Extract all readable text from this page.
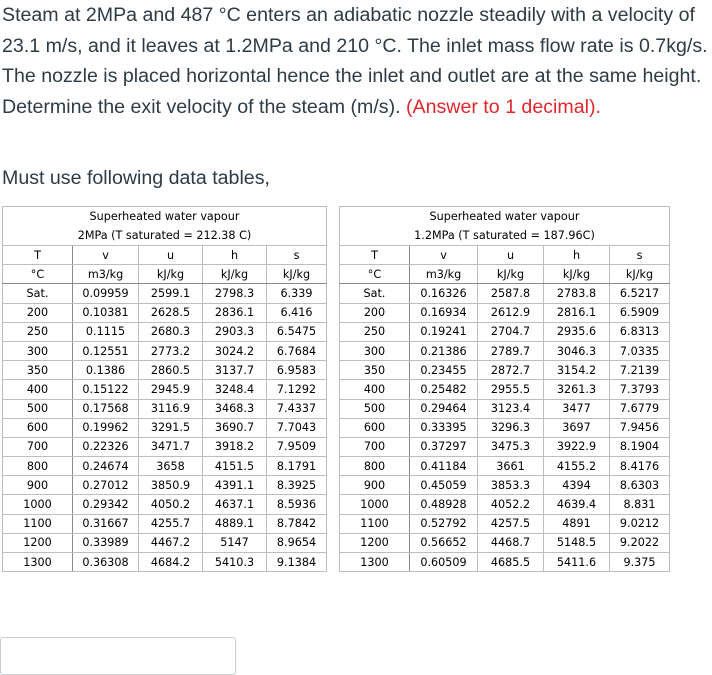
Steam at 2MPa and 487 °C enters an adiabatic nozzle steadily with a velocity of 23.1 m/s, and it leaves at 1.2MPa and 210 °C. The inlet mass flow rate is 0.7kg/s. The nozzle is placed horizontal hence the inlet and outlet are at the same height. Determine the exit velocity of the steam (m/s). (Answer to 1 decimal).
Must use following data tables,
Superheated water vapour				
2MPa (T saturated = 212.38 C)				
T	v	u	h	s
°C	m3/kg	kJ/kg	kJ/kg	kJ/kg
Sat.	0.09959	2599.1	2798.3	6.339
200	0.10381	2628.5	2836.1	6.416
250	0.1115	2680.3	2903.3	6.5475
300	0.12551	2773.2	3024.2	6.7684
350	0.1386	2860.5	3137.7	6.9583
400	0.15122	2945.9	3248.4	7.1292
500	0.17568	3116.9	3468.3	7.4337
600	0.19962	3291.5	3690.7	7.7043
700	0.22326	3471.7	3918.2	7.9509
800	0.24674	3658	4151.5	8.1791
900	0.27012	3850.9	4391.1	8.3925
1000	0.29342	4050.2	4637.1	8.5936
1100	0.31667	4255.7	4889.1	8.7842
1200	0.33989	4467.2	5147	8.9654
1300	0.36308	4684.2	5410.3	9.1384
Superheated water vapour				
1.2MPa (T saturated = 187.96C)				
T	v	u	h	s
°C	m3/kg	kJ/kg	kJ/kg	kJ/kg
Sat.	0.16326	2587.8	2783.8	6.5217
200	0.16934	2612.9	2816.1	6.5909
250	0.19241	2704.7	2935.6	6.8313
300	0.21386	2789.7	3046.3	7.0335
350	0.23455	2872.7	3154.2	7.2139
400	0.25482	2955.5	3261.3	7.3793
500	0.29464	3123.4	3477	7.6779
600	0.33395	3296.3	3697	7.9456
700	0.37297	3475.3	3922.9	8.1904
800	0.41184	3661	4155.2	8.4176
900	0.45059	3853.3	4394	8.6303
1000	0.48928	4052.2	4639.4	8.831
1100	0.52792	4257.5	4891	9.0212
1200	0.56652	4468.7	5148.5	9.2022
1300	0.60509	4685.5	5411.6	9.375
